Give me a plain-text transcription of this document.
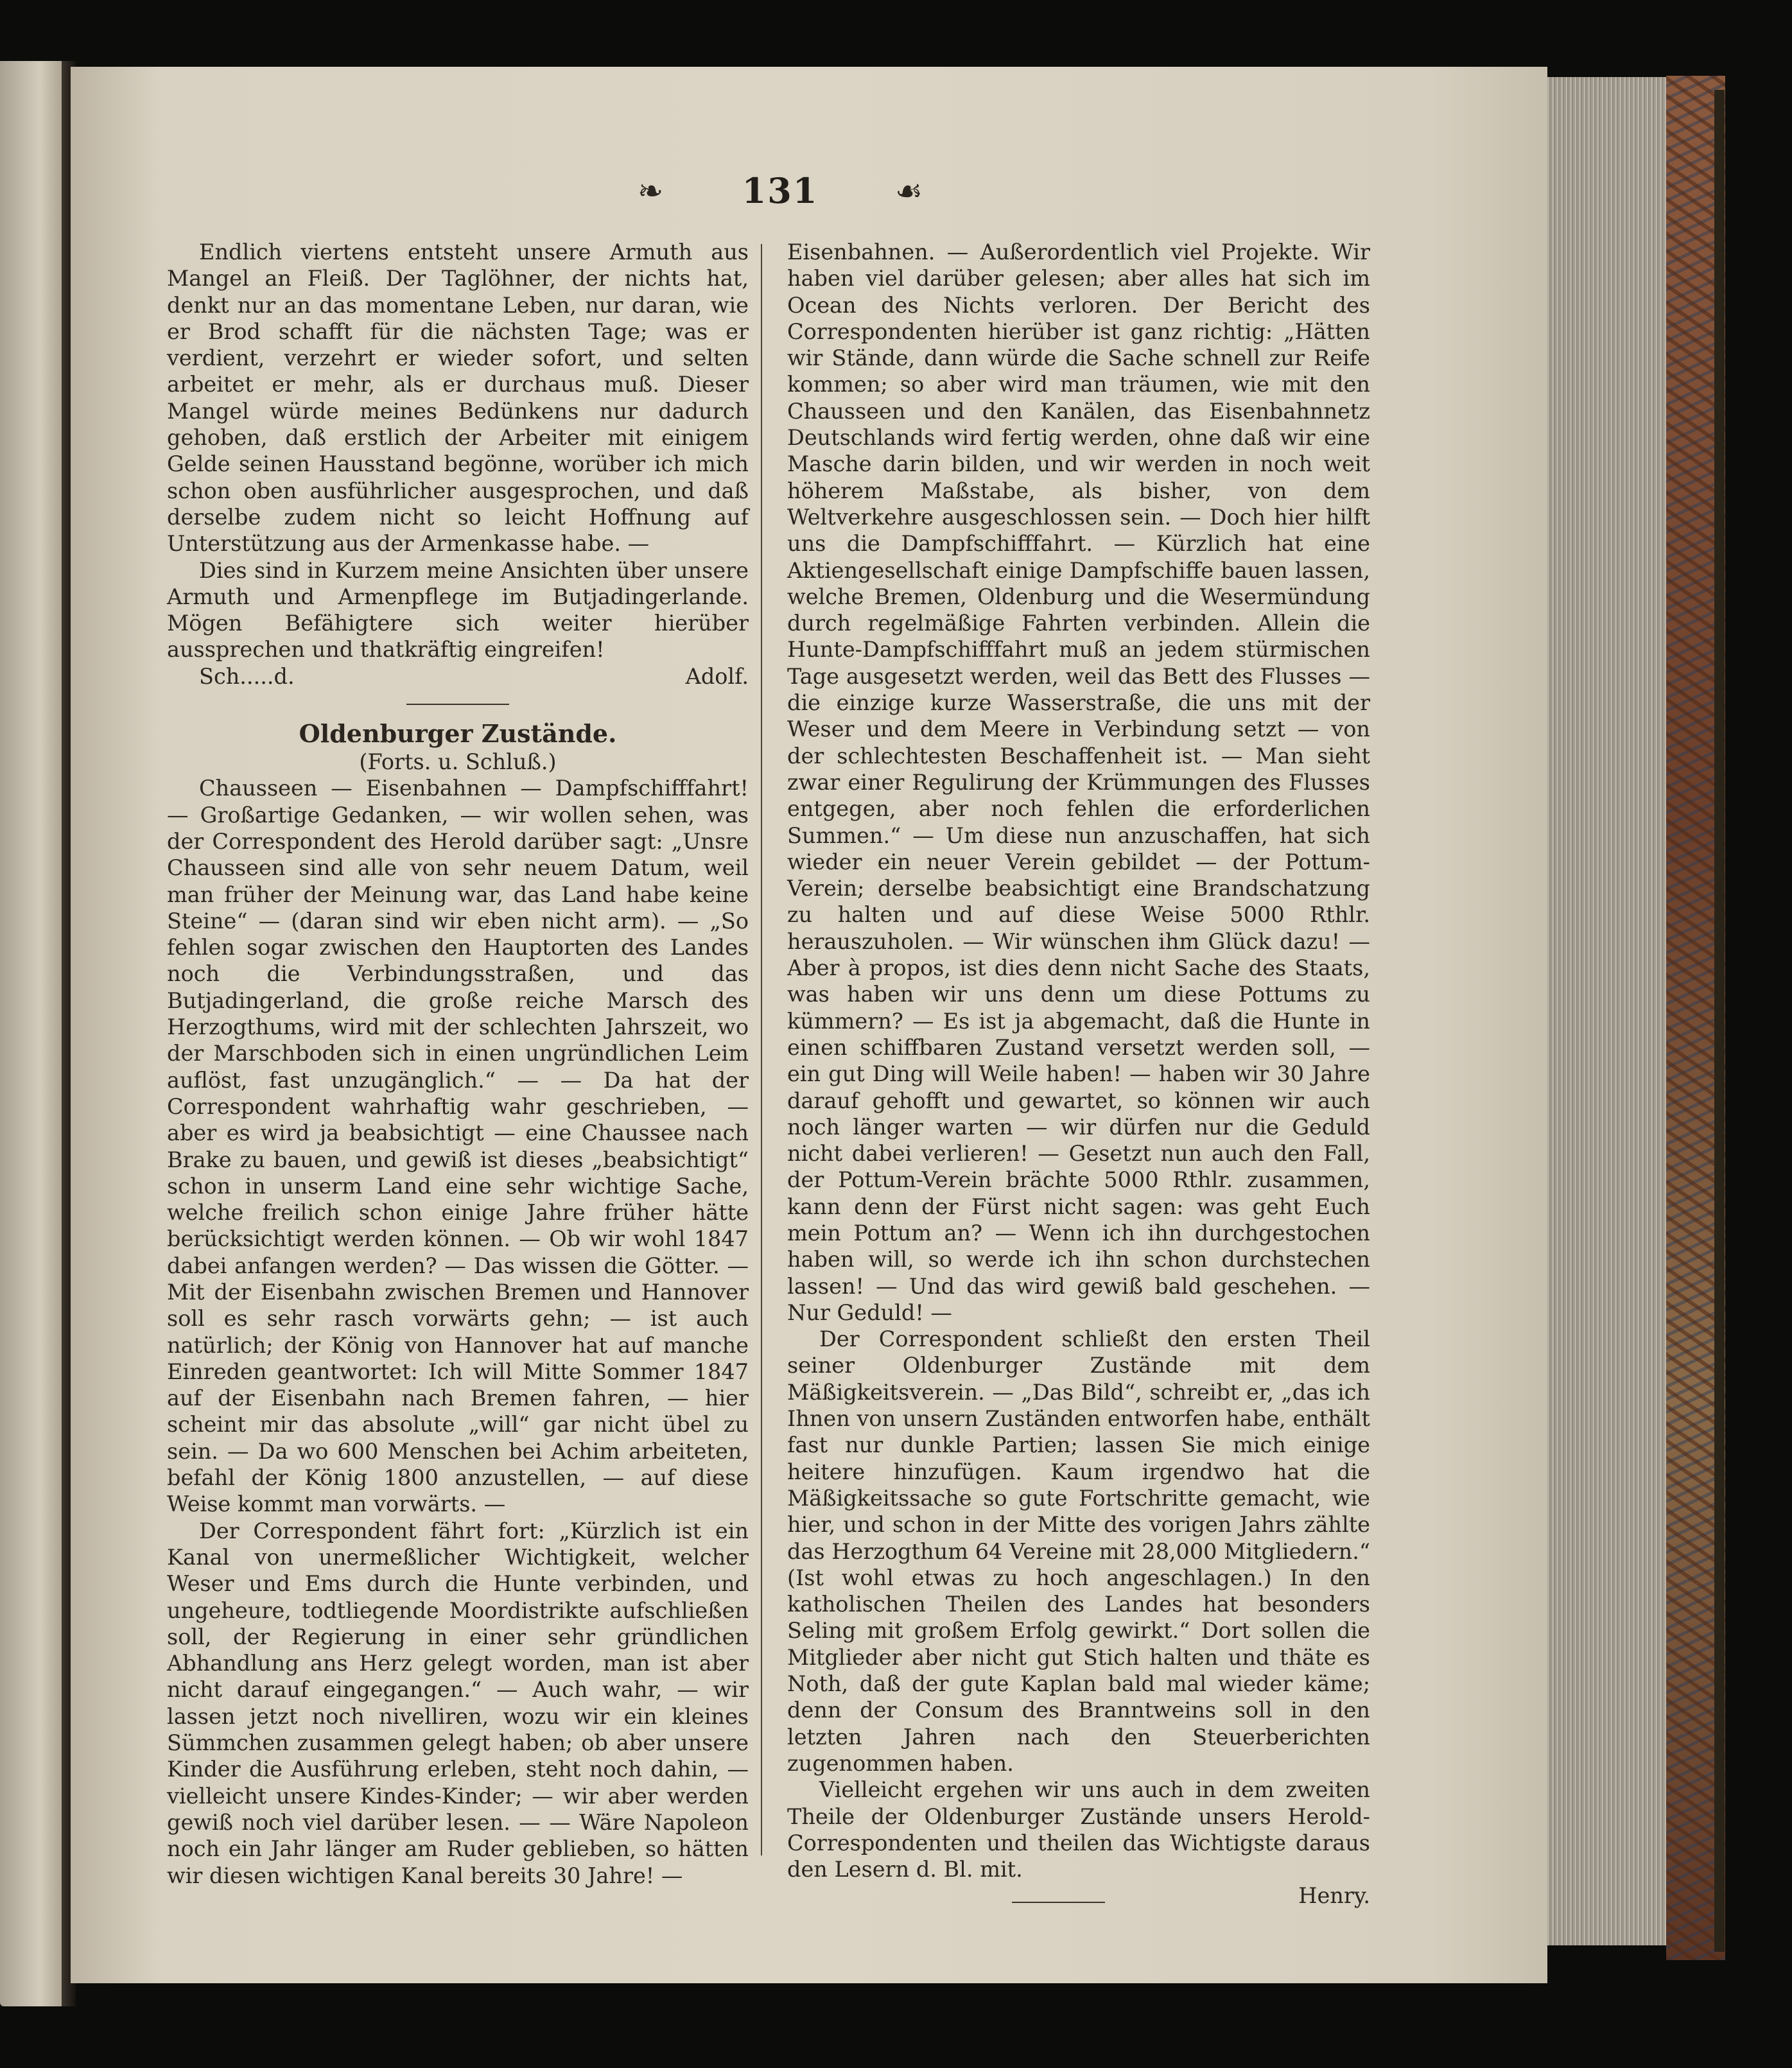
❧ 131 ☙

Endlich viertens entsteht unsere Armuth aus Mangel an Fleiß. Der Taglöhner, der nichts hat, denkt nur an das momentane Leben, nur daran, wie er Brod schafft für die nächsten Tage; was er verdient, verzehrt er wieder sofort, und selten arbeitet er mehr, als er durchaus muß. Dieser Mangel würde meines Bedünkens nur dadurch gehoben, daß erstlich der Arbeiter mit einigem Gelde seinen Hausstand begönne, worüber ich mich schon oben ausführlicher ausgesprochen, und daß derselbe zudem nicht so leicht Hoffnung auf Unterstützung aus der Armenkasse habe. —

Dies sind in Kurzem meine Ansichten über unsere Armuth und Armenpflege im Butjadingerlande. Mögen Befähigtere sich weiter hierüber aussprechen und thatkräftig eingreifen!

Sch.....d.	Adolf.

Oldenburger Zustände.

(Forts. u. Schluß.)

Chausseen — Eisenbahnen — Dampfschifffahrt! — Großartige Gedanken, — wir wollen sehen, was der Correspondent des Herold darüber sagt: „Unsre Chausseen sind alle von sehr neuem Datum, weil man früher der Meinung war, das Land habe keine Steine“ — (daran sind wir eben nicht arm). — „So fehlen sogar zwischen den Hauptorten des Landes noch die Verbindungsstraßen, und das Butjadingerland, die große reiche Marsch des Herzogthums, wird mit der schlechten Jahrszeit, wo der Marschboden sich in einen ungründlichen Leim auflöst, fast unzugänglich.“ — — Da hat der Correspondent wahrhaftig wahr geschrieben, — aber es wird ja beabsichtigt — eine Chaussee nach Brake zu bauen, und gewiß ist dieses „beabsichtigt“ schon in unserm Land eine sehr wichtige Sache, welche freilich schon einige Jahre früher hätte berücksichtigt werden können. — Ob wir wohl 1847 dabei anfangen werden? — Das wissen die Götter. — Mit der Eisenbahn zwischen Bremen und Hannover soll es sehr rasch vorwärts gehn; — ist auch natürlich; der König von Hannover hat auf manche Einreden geantwortet: Ich will Mitte Sommer 1847 auf der Eisenbahn nach Bremen fahren, — hier scheint mir das absolute „will“ gar nicht übel zu sein. — Da wo 600 Menschen bei Achim arbeiteten, befahl der König 1800 anzustellen, — auf diese Weise kommt man vorwärts. —

Der Correspondent fährt fort: „Kürzlich ist ein Kanal von unermeßlicher Wichtigkeit, welcher Weser und Ems durch die Hunte verbinden, und ungeheure, todtliegende Moordistrikte aufschließen soll, der Regierung in einer sehr gründlichen Abhandlung ans Herz gelegt worden, man ist aber nicht darauf eingegangen.“ — Auch wahr, — wir lassen jetzt noch nivelliren, wozu wir ein kleines Sümmchen zusammen gelegt haben; ob aber unsere Kinder die Ausführung erleben, steht noch dahin, — vielleicht unsere Kindes-Kinder; — wir aber werden gewiß noch viel darüber lesen. — — Wäre Napoleon noch ein Jahr länger am Ruder geblieben, so hätten wir diesen wichtigen Kanal bereits 30 Jahre! —

Eisenbahnen. — Außerordentlich viel Projekte. Wir haben viel darüber gelesen; aber alles hat sich im Ocean des Nichts verloren. Der Bericht des Correspondenten hierüber ist ganz richtig: „Hätten wir Stände, dann würde die Sache schnell zur Reife kommen; so aber wird man träumen, wie mit den Chausseen und den Kanälen, das Eisenbahnnetz Deutschlands wird fertig werden, ohne daß wir eine Masche darin bilden, und wir werden in noch weit höherem Maßstabe, als bisher, von dem Weltverkehre ausgeschlossen sein. — Doch hier hilft uns die Dampfschifffahrt. — Kürzlich hat eine Aktiengesellschaft einige Dampfschiffe bauen lassen, welche Bremen, Oldenburg und die Wesermündung durch regelmäßige Fahrten verbinden. Allein die Hunte-Dampfschifffahrt muß an jedem stürmischen Tage ausgesetzt werden, weil das Bett des Flusses — die einzige kurze Wasserstraße, die uns mit der Weser und dem Meere in Verbindung setzt — von der schlechtesten Beschaffenheit ist. — Man sieht zwar einer Regulirung der Krümmungen des Flusses entgegen, aber noch fehlen die erforderlichen Summen.“ — Um diese nun anzuschaffen, hat sich wieder ein neuer Verein gebildet — der Pottum-Verein; derselbe beabsichtigt eine Brandschatzung zu halten und auf diese Weise 5000 Rthlr. herauszuholen. — Wir wünschen ihm Glück dazu! — Aber à propos, ist dies denn nicht Sache des Staats, was haben wir uns denn um diese Pottums zu kümmern? — Es ist ja abgemacht, daß die Hunte in einen schiffbaren Zustand versetzt werden soll, — ein gut Ding will Weile haben! — haben wir 30 Jahre darauf gehofft und gewartet, so können wir auch noch länger warten — wir dürfen nur die Geduld nicht dabei verlieren! — Gesetzt nun auch den Fall, der Pottum-Verein brächte 5000 Rthlr. zusammen, kann denn der Fürst nicht sagen: was geht Euch mein Pottum an? — Wenn ich ihn durchgestochen haben will, so werde ich ihn schon durchstechen lassen! — Und das wird gewiß bald geschehen. — Nur Geduld! —

Der Correspondent schließt den ersten Theil seiner Oldenburger Zustände mit dem Mäßigkeitsverein. — „Das Bild“, schreibt er, „das ich Ihnen von unsern Zuständen entworfen habe, enthält fast nur dunkle Partien; lassen Sie mich einige heitere hinzufügen. Kaum irgendwo hat die Mäßigkeitssache so gute Fortschritte gemacht, wie hier, und schon in der Mitte des vorigen Jahrs zählte das Herzogthum 64 Vereine mit 28,000 Mitgliedern.“ (Ist wohl etwas zu hoch angeschlagen.) In den katholischen Theilen des Landes hat besonders Seling mit großem Erfolg gewirkt.“ Dort sollen die Mitglieder aber nicht gut Stich halten und thäte es Noth, daß der gute Kaplan bald mal wieder käme; denn der Consum des Branntweins soll in den letzten Jahren nach den Steuerberichten zugenommen haben.

Vielleicht ergehen wir uns auch in dem zweiten Theile der Oldenburger Zustände unsers Herold-Correspondenten und theilen das Wichtigste daraus den Lesern d. Bl. mit.

Henry.
